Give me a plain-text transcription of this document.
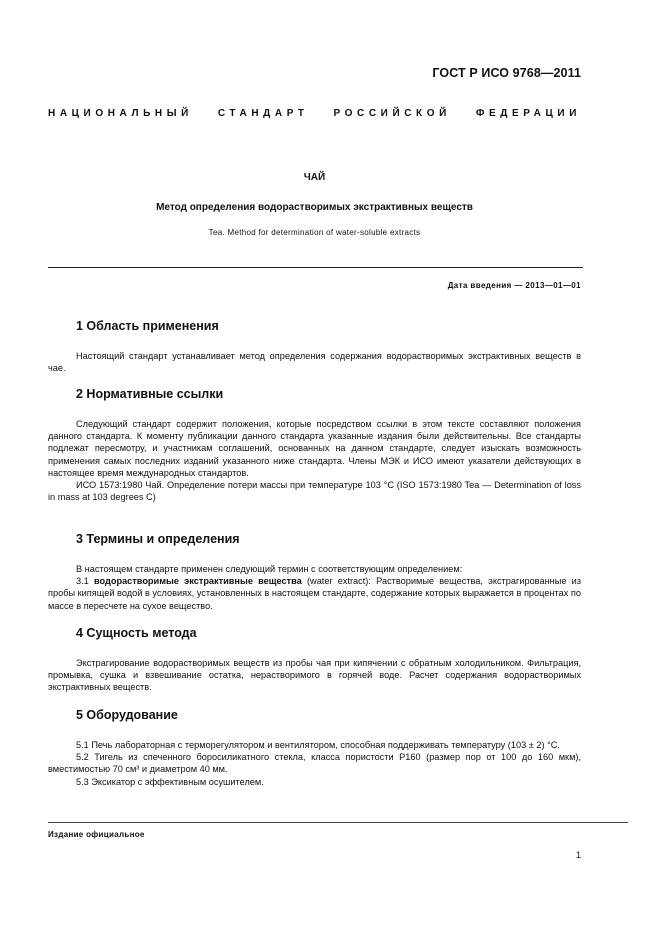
ГОСТ Р ИСО 9768—2011
НАЦИОНАЛЬНЫЙ СТАНДАРТ РОССИЙСКОЙ ФЕДЕРАЦИИ
ЧАЙ
Метод определения водорастворимых экстрактивных веществ
Tea. Method for determination of water-soluble extracts
Дата введения — 2013—01—01
1 Область применения

Настоящий стандарт устанавливает метод определения содержания водорастворимых экстрактивных веществ в чае.

2 Нормативные ссылки

Следующий стандарт содержит положения, которые посредством ссылки в этом тексте составляют положения данного стандарта. К моменту публикации данного стандарта указанные издания были действительны. Все стандарты подлежат пересмотру, и участникам соглашений, основанных на данном стандарте, следует изыскать возможность применения самых последних изданий указанного ниже стандарта. Члены МЭК и ИСО имеют указатели действующих в настоящее время международных стандартов.

ИСО 1573:1980 Чай. Определение потери массы при температуре 103 °С (ISO 1573:1980 Tea — Determination of loss in mass at 103 degrees C)

3 Термины и определения

В настоящем стандарте применен следующий термин с соответствующим определением:

3.1 водорастворимые экстрактивные вещества (water extract): Растворимые вещества, экстрагированные из пробы кипящей водой в условиях, установленных в настоящем стандарте, содержание которых выражается в процентах по массе в пересчете на сухое вещество.

4 Сущность метода

Экстрагирование водорастворимых веществ из пробы чая при кипячении с обратным холодильником. Фильтрация, промывка, сушка и взвешивание остатка, нерастворимого в горячей воде. Расчет содержания водорастворимых экстрактивных веществ.

5 Оборудование

5.1 Печь лабораторная с терморегулятором и вентилятором, способная поддерживать температуру (103 ± 2) °С.

5.2 Тигель из спеченного боросиликатного стекла, класса пористости Р160 (размер пор от 100 до 160 мкм), вместимостью 70 см³ и диаметром 40 мм.

5.3 Эксикатор с эффективным осушителем.

Издание официальное
1
